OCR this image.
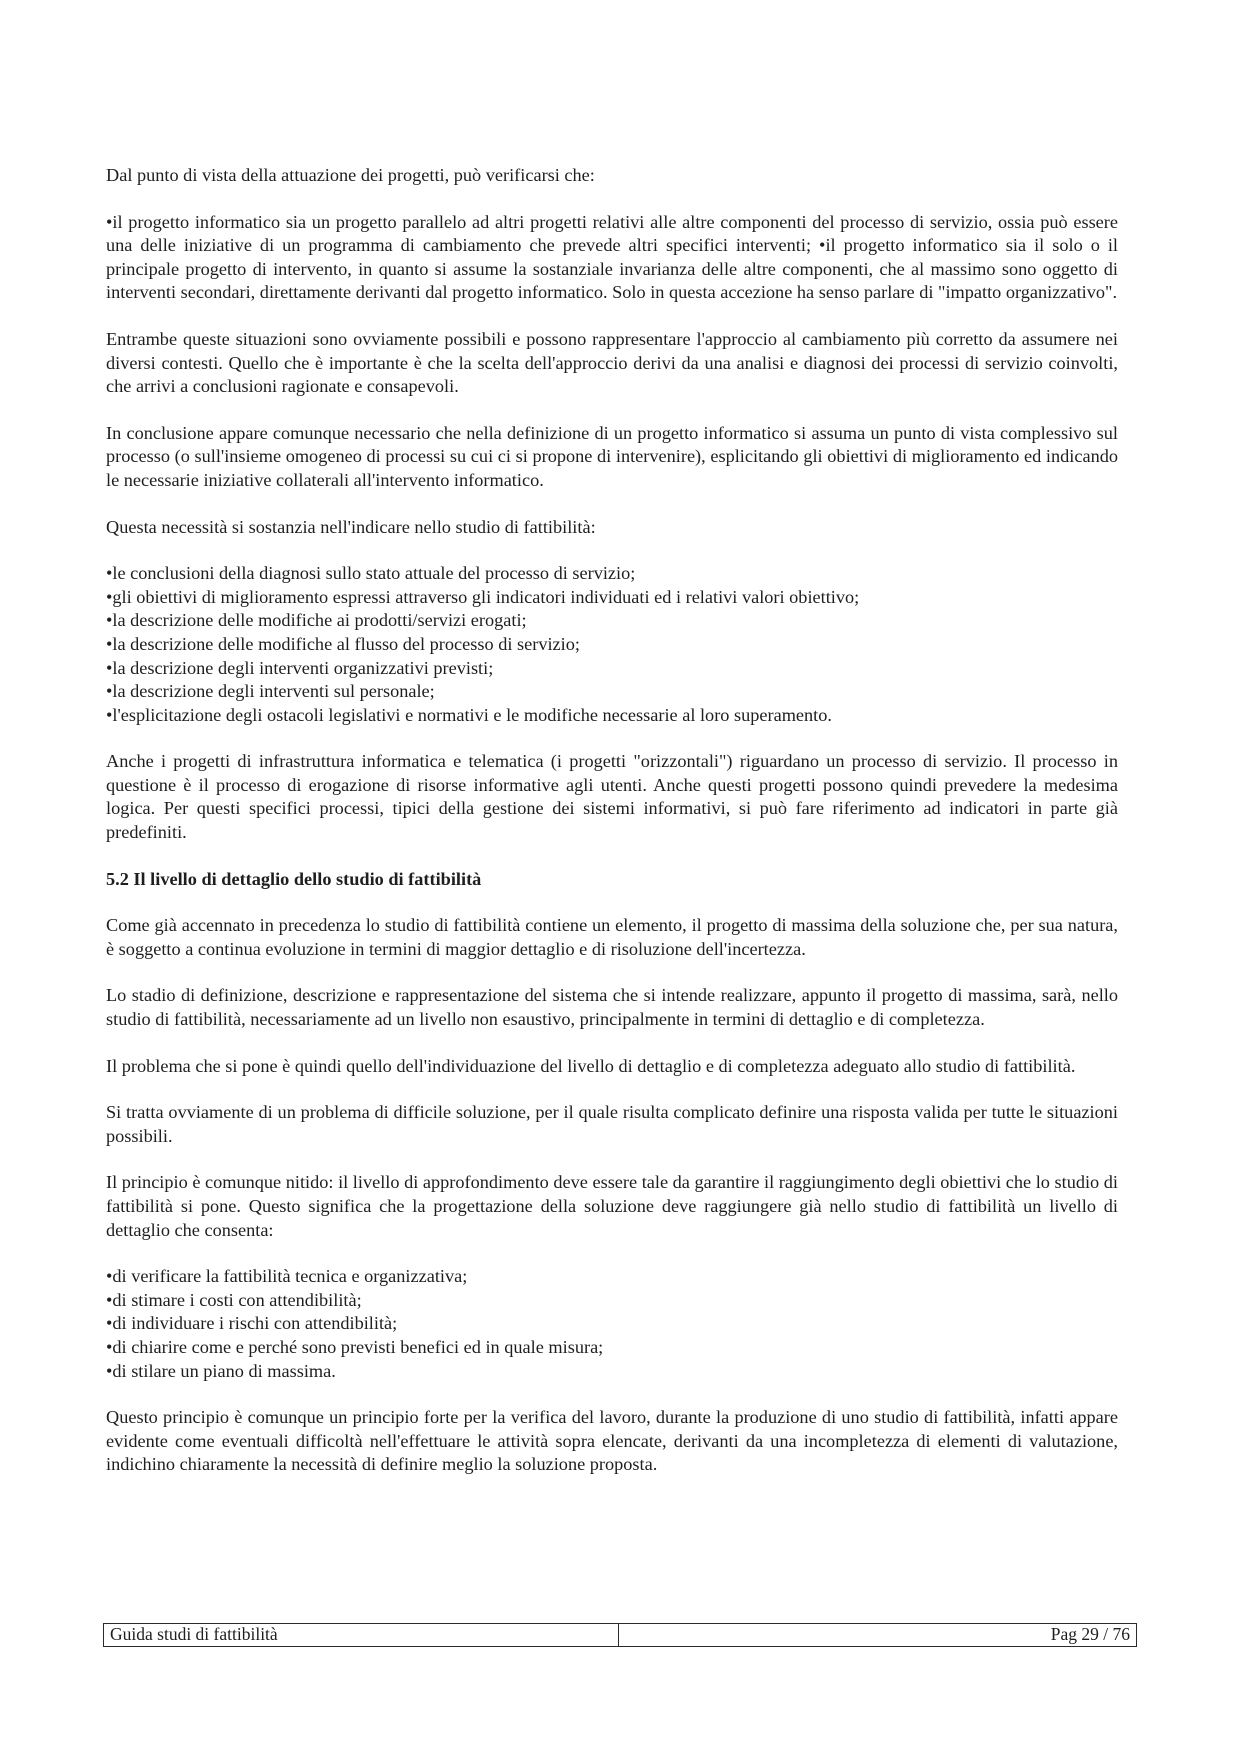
Dal punto di vista della attuazione dei progetti, può verificarsi che:

•il progetto informatico sia un progetto parallelo ad altri progetti relativi alle altre componenti del processo di servizio, ossia può essere una delle iniziative di un programma di cambiamento che prevede altri specifici interventi; •il progetto informatico sia il solo o il principale progetto di intervento, in quanto si assume la sostanziale invarianza delle altre componenti, che al massimo sono oggetto di interventi secondari, direttamente derivanti dal progetto informatico. Solo in questa accezione ha senso parlare di "impatto organizzativo".

Entrambe queste situazioni sono ovviamente possibili e possono rappresentare l'approccio al cambiamento più corretto da assumere nei diversi contesti. Quello che è importante è che la scelta dell'approccio derivi da una analisi e diagnosi dei processi di servizio coinvolti, che arrivi a conclusioni ragionate e consapevoli.

In conclusione appare comunque necessario che nella definizione di un progetto informatico si assuma un punto di vista complessivo sul processo (o sull'insieme omogeneo di processi su cui ci si propone di intervenire), esplicitando gli obiettivi di miglioramento ed indicando le necessarie iniziative collaterali all'intervento informatico.

Questa necessità si sostanzia nell'indicare nello studio di fattibilità:

•le conclusioni della diagnosi sullo stato attuale del processo di servizio;
•gli obiettivi di miglioramento espressi attraverso gli indicatori individuati ed i relativi valori obiettivo;
•la descrizione delle modifiche ai prodotti/servizi erogati;
•la descrizione delle modifiche al flusso del processo di servizio;
•la descrizione degli interventi organizzativi previsti;
•la descrizione degli interventi sul personale;
•l'esplicitazione degli ostacoli legislativi e normativi e le modifiche necessarie al loro superamento.

Anche i progetti di infrastruttura informatica e telematica (i progetti "orizzontali") riguardano un processo di servizio. Il processo in questione è il processo di erogazione di risorse informative agli utenti. Anche questi progetti possono quindi prevedere la medesima logica. Per questi specifici processi, tipici della gestione dei sistemi informativi, si può fare riferimento ad indicatori in parte già predefiniti.

5.2 Il livello di dettaglio dello studio di fattibilità

Come già accennato in precedenza lo studio di fattibilità contiene un elemento, il progetto di massima della soluzione che, per sua natura, è soggetto a continua evoluzione in termini di maggior dettaglio e di risoluzione dell'incertezza.

Lo stadio di definizione, descrizione e rappresentazione del sistema che si intende realizzare, appunto il progetto di massima, sarà, nello studio di fattibilità, necessariamente ad un livello non esaustivo, principalmente in termini di dettaglio e di completezza.

Il problema che si pone è quindi quello dell'individuazione del livello di dettaglio e di completezza adeguato allo studio di fattibilità.

Si tratta ovviamente di un problema di difficile soluzione, per il quale risulta complicato definire una risposta valida per tutte le situazioni possibili.

Il principio è comunque nitido: il livello di approfondimento deve essere tale da garantire il raggiungimento degli obiettivi che lo studio di fattibilità si pone. Questo significa che la progettazione della soluzione deve raggiungere già nello studio di fattibilità un livello di dettaglio che consenta:

•di verificare la fattibilità tecnica e organizzativa;
•di stimare i costi con attendibilità;
•di individuare i rischi con attendibilità;
•di chiarire come e perché sono previsti benefici ed in quale misura;
•di stilare un piano di massima.

Questo principio è comunque un principio forte per la verifica del lavoro, durante la produzione di uno studio di fattibilità, infatti appare evidente come eventuali difficoltà nell'effettuare le attività sopra elencate, derivanti da una incompletezza di elementi di valutazione, indichino chiaramente la necessità di definire meglio la soluzione proposta.

Guida studi di fattibilità	Pag 29 / 76
